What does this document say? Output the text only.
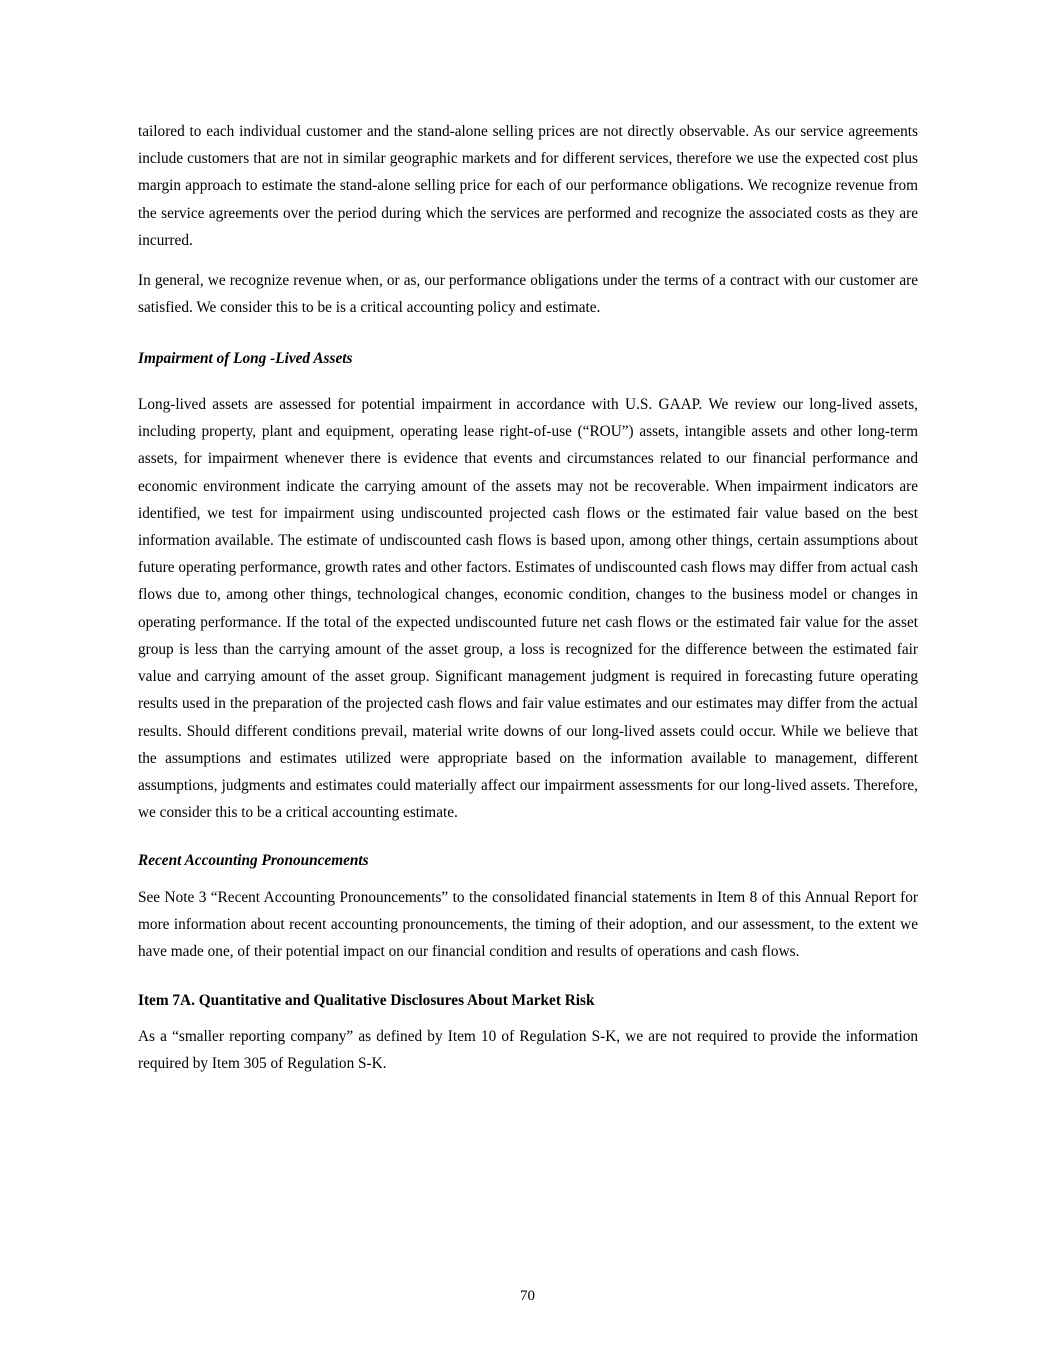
tailored to each individual customer and the stand-alone selling prices are not directly observable. As our service agreements include customers that are not in similar geographic markets and for different services, therefore we use the expected cost plus margin approach to estimate the stand-alone selling price for each of our performance obligations. We recognize revenue from the service agreements over the period during which the services are performed and recognize the associated costs as they are incurred.

In general, we recognize revenue when, or as, our performance obligations under the terms of a contract with our customer are satisfied. We consider this to be is a critical accounting policy and estimate.

Impairment of Long -Lived Assets

Long-lived assets are assessed for potential impairment in accordance with U.S. GAAP. We review our long-lived assets, including property, plant and equipment, operating lease right-of-use (“ROU”) assets, intangible assets and other long-term assets, for impairment whenever there is evidence that events and circumstances related to our financial performance and economic environment indicate the carrying amount of the assets may not be recoverable. When impairment indicators are identified, we test for impairment using undiscounted projected cash flows or the estimated fair value based on the best information available. The estimate of undiscounted cash flows is based upon, among other things, certain assumptions about future operating performance, growth rates and other factors. Estimates of undiscounted cash flows may differ from actual cash flows due to, among other things, technological changes, economic condition, changes to the business model or changes in operating performance. If the total of the expected undiscounted future net cash flows or the estimated fair value for the asset group is less than the carrying amount of the asset group, a loss is recognized for the difference between the estimated fair value and carrying amount of the asset group. Significant management judgment is required in forecasting future operating results used in the preparation of the projected cash flows and fair value estimates and our estimates may differ from the actual results. Should different conditions prevail, material write downs of our long-lived assets could occur. While we believe that the assumptions and estimates utilized were appropriate based on the information available to management, different assumptions, judgments and estimates could materially affect our impairment assessments for our long-lived assets. Therefore, we consider this to be a critical accounting estimate.

Recent Accounting Pronouncements

See Note 3 “Recent Accounting Pronouncements” to the consolidated financial statements in Item 8 of this Annual Report for more information about recent accounting pronouncements, the timing of their adoption, and our assessment, to the extent we have made one, of their potential impact on our financial condition and results of operations and cash flows.

Item 7A. Quantitative and Qualitative Disclosures About Market Risk

As a “smaller reporting company” as defined by Item 10 of Regulation S-K, we are not required to provide the information required by Item 305 of Regulation S-K.

70
